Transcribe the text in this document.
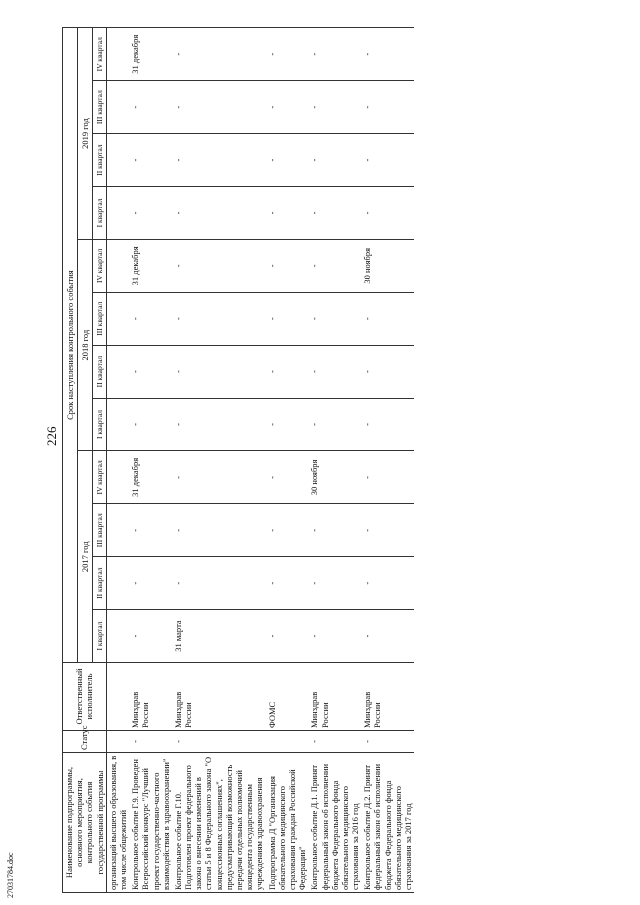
226
27031784.doc	Наименование подпрограммы, основного мероприятия, контрольного события государственной программы	Статус	Ответственный исполнитель	Срок наступления контрольного события											
			2017 год				2018 год				2019 год			
			I квартал	II квартал	III квартал	IV квартал	I квартал	II квартал	III квартал	IV квартал	I квартал	II квартал	III квартал	IV квартал
организаций высшего образования, в том числе общежитий														
Контрольное событие Г.9. Проведен Всероссийский конкурс "Лучший проект государственно-частного взаимодействия в здравоохранении"	-	Минздрав России	-	-	-	31 декабря	-	-	-	31 декабря	-	-	-	31 декабря
Контрольное событие Г.10. Подготовлен проект федерального закона о внесении изменений в статьи 5 и 8 Федерального закона "О концессионных соглашениях", предусматривающий возможность передачи отдельных полномочий концедента государственным учреждениям здравоохранения	-	Минздрав России	31 марта	-	-	-	-	-	-	-	-	-	-	-
Подпрограмма Д "Организация обязательного медицинского страхования граждан Российской Федерации"		ФОМС	-	-	-	-	-	-	-	-	-	-	-	-
Контрольное событие Д.1. Принят федеральный закон об исполнении бюджета Федерального фонда обязательного медицинского страхования за 2016 год	-	Минздрав России	-	-	-	30 ноября	-	-	-	-	-	-	-	-
Контрольное событие Д.2. Принят федеральный закон об исполнении бюджета Федерального фонда обязательного медицинского страхования за 2017 год	-	Минздрав России	-	-	-	-	-	-	-	30 ноября	-	-	-	-
